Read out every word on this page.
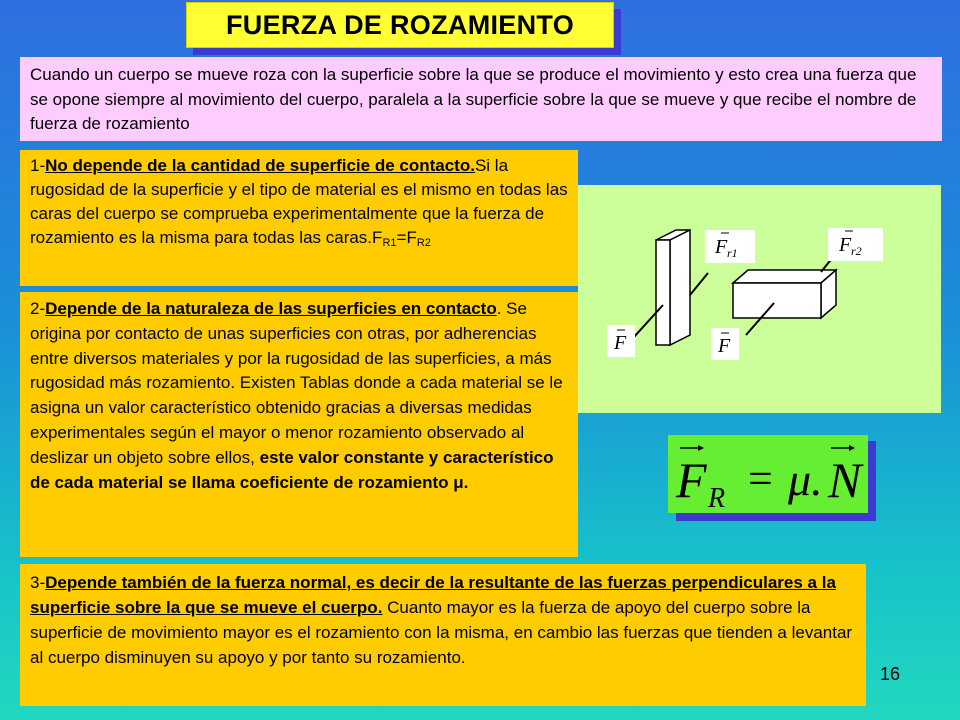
FUERZA DE ROZAMIENTO
Cuando un cuerpo se mueve roza con la superficie sobre la que se produce el movimiento y esto crea una fuerza que se opone siempre al movimiento del cuerpo, paralela a la superficie sobre la que se mueve y que recibe el nombre de fuerza de rozamiento
1-No depende de la cantidad de superficie de contacto.Si la rugosidad de la superficie y el tipo de material es el mismo en todas las caras del cuerpo se comprueba experimentalmente que la fuerza de rozamiento es la misma para todas las $caras.F_{R1}=F_{R2}$	F r1	F r2
F	F
2-Depende de la naturaleza de las superficies en contacto. Se origina por contacto de unas superficies con otras, por adherencias entre diversos materiales y por la rugosidad de las superficies, a más rugosidad más rozamiento. Existen Tablas donde a cada material se le asigna un valor característico obtenido gracias a diversas medidas experimentales según el mayor o menor rozamiento observado al deslizar un objeto sobre ellos, este valor constante y característico de cada material se llama coeficiente de rozamiento μ.	F R = μ. N
3-Depende también de la fuerza normal, es decir de la resultante de las fuerzas perpendiculares a la superficie sobre la que se mueve el cuerpo. Cuanto mayor es la fuerza de apoyo del cuerpo sobre la superficie de movimiento mayor es el rozamiento con la misma, en cambio las fuerzas que tienden a levantar al cuerpo disminuyen su apoyo y por tanto su rozamiento.
16
